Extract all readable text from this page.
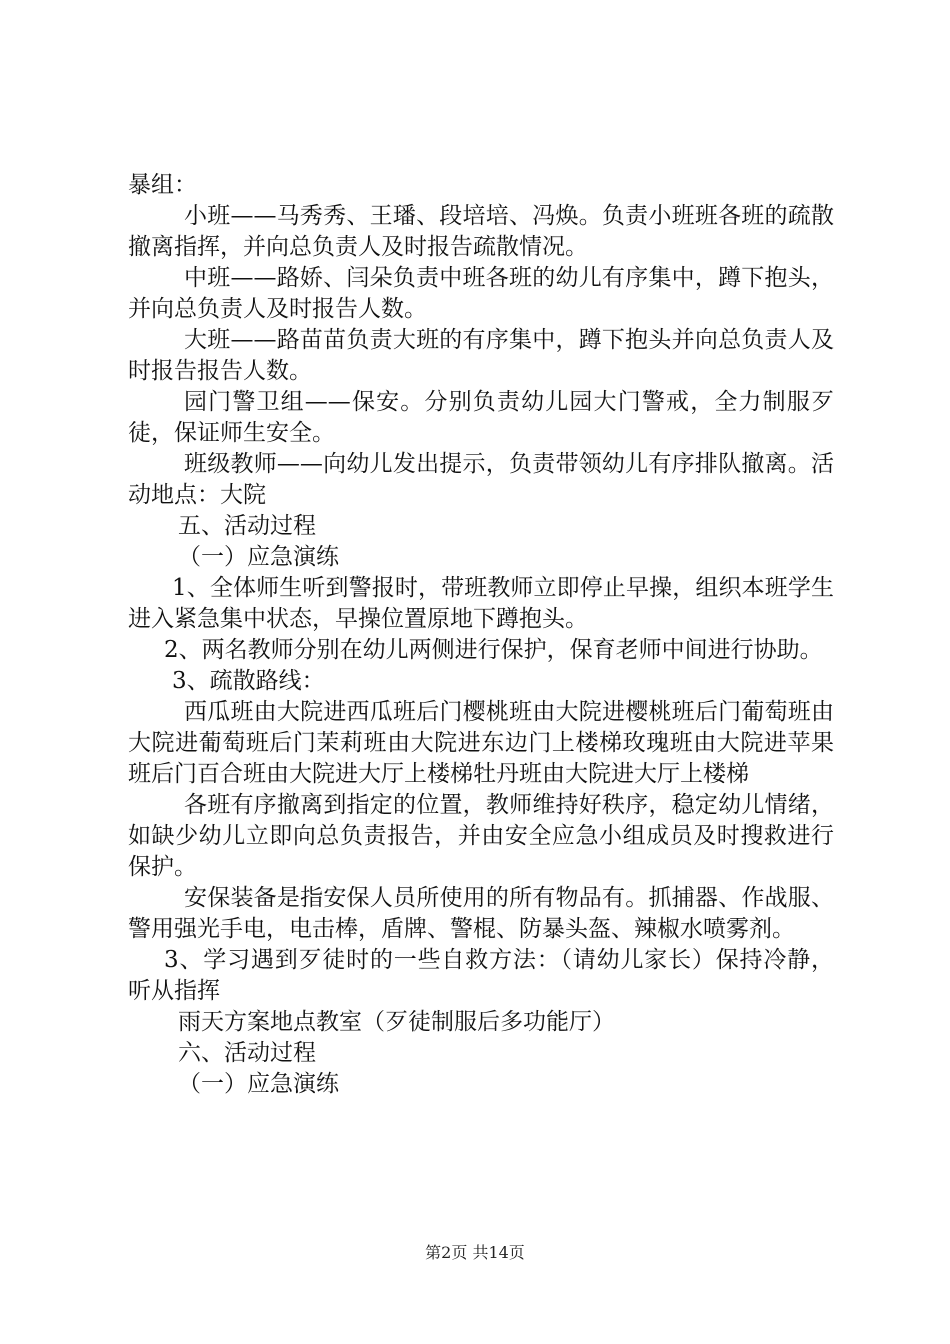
暴组：
小班——马秀秀、王璠、段培培、冯焕。负责小班班各班的疏散撤离指挥，并向总负责人及时报告疏散情况。
中班——路娇、闫朵负责中班各班的幼儿有序集中，蹲下抱头，并向总负责人及时报告人数。
大班——路苗苗负责大班的有序集中，蹲下抱头并向总负责人及时报告报告人数。
园门警卫组——保安。分别负责幼儿园大门警戒，全力制服歹徒，保证师生安全。
班级教师——向幼儿发出提示，负责带领幼儿有序排队撤离。活动地点：大院
五、活动过程
（一）应急演练
1、全体师生听到警报时，带班教师立即停止早操，组织本班学生进入紧急集中状态，早操位置原地下蹲抱头。
2、两名教师分别在幼儿两侧进行保护，保育老师中间进行协助。
3、疏散路线：
西瓜班由大院进西瓜班后门樱桃班由大院进樱桃班后门葡萄班由大院进葡萄班后门茉莉班由大院进东边门上楼梯玫瑰班由大院进苹果班后门百合班由大院进大厅上楼梯牡丹班由大院进大厅上楼梯
各班有序撤离到指定的位置，教师维持好秩序，稳定幼儿情绪，如缺少幼儿立即向总负责报告，并由安全应急小组成员及时搜救进行保护。
安保装备是指安保人员所使用的所有物品有。抓捕器、作战服、警用强光手电，电击棒，盾牌、警棍、防暴头盔、辣椒水喷雾剂。
3、学习遇到歹徒时的一些自救方法：（请幼儿家长）保持冷静，听从指挥
雨天方案地点教室（歹徒制服后多功能厅）
六、活动过程
（一）应急演练
第2页 共14页
